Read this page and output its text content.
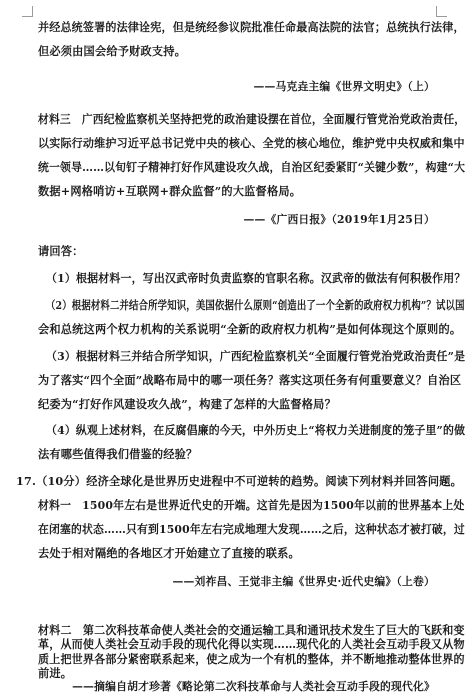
并经总统签署的法律诠宪，但是统经参议院批准任命最高法院的法官；总统执行法律，
但必须由国会给予财政支持。
——马克垚主编《世界文明史》（上）
材料三　广西纪检监察机关坚持把党的政治建设摆在首位，全面履行管党治党政治责任，
以实际行动维护习近平总书记党中央的核心、全党的核心地位，维护党中央权威和集中
统一领导……以旬钉子精神打好作风建设攻久战，自治区纪委紧盯“关键少数”，构建“大
数据+网格哨访+互联网+群众监督”的大监督格局。
——《广西日报》（2019年1月25日）
请回答：
（1）根据材料一，写出汉武帝时负责监察的官职名称。汉武帝的做法有何积极作用？
（2）根据材料二并结合所学知识，美国依据什么原则“创造出了一个全新的政府权力机构”？试以国
会和总统这两个权力机构的关系说明“全新的政府权力机构”是如何体现这个原则的。
（3）根据材料三并结合所学知识，广西纪检监察机关“全面履行管党治党政治责任”是
为了落实“四个全面”战略布局中的哪一项任务？落实这项任务有何重要意义？自治区
纪委为“打好作风建设攻久战”，构建了怎样的大监督格局？
（4）纵观上述材料，在反腐倡廉的今天，中外历史上“将权力关进制度的笼子里”的做
法有哪些值得我们借鉴的经验？
17.（10分）经济全球化是世界历史进程中不可逆转的趋势。阅读下列材料并回答问题。
材料一　1500年左右是世界近代史的开端。这首先是因为1500年以前的世界基本上处
在闭塞的状态……只有到1500年左右完成地理大发现……之后，这种状态才被打破，过
去处于相对隔绝的各地区才开始建立了直接的联系。
——刘祚昌、王觉非主编《世界史·近代史编》（上卷）
材料二　第二次科技革命使人类社会的交通运输工具和通讯技术发生了巨大的飞跃和变
革，从而使人类社会互动手段的现代化得以实现……现代化的人类社会互动手段又从物
质上把世界各部分紧密联系起来，使之成为一个有机的整体，并不断地推动整体世界的
前进。
——摘编自胡才珍著《略论第二次科技革命与人类社会互动手段的现代化》
